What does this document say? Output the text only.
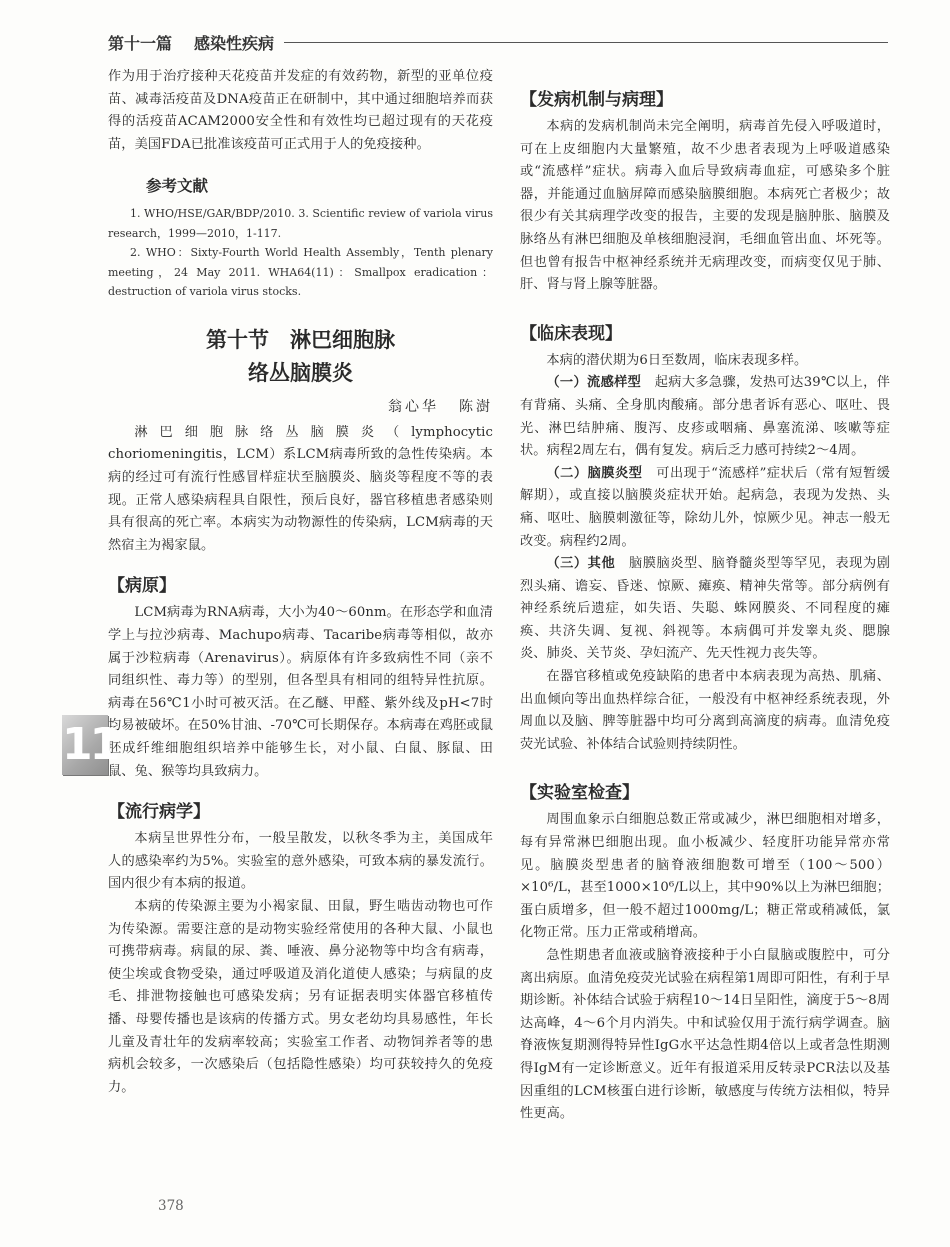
第十一篇 感染性疾病

作为用于治疗接种天花疫苗并发症的有效药物，新型的亚单位疫苗、减毒活疫苗及DNA疫苗正在研制中，其中通过细胞培养而获得的活疫苗ACAM2000安全性和有效性均已超过现有的天花疫苗，美国FDA已批准该疫苗可正式用于人的免疫接种。

参考文献

1. WHO/HSE/GAR/BDP/2010. 3. Scientific review of variola virus research，1999—2010，1-117.

2. WHO：Sixty-Fourth World Health Assembly，Tenth plenary meeting，24 May 2011. WHA64(11)：Smallpox eradication：destruction of variola virus stocks.

第十节　淋巴细胞脉
络丛脑膜炎
翁心华 陈澍

淋巴细胞脉络丛脑膜炎（lymphocytic choriomeningitis，LCM）系LCM病毒所致的急性传染病。本病的经过可有流行性感冒样症状至脑膜炎、脑炎等程度不等的表现。正常人感染病程具自限性，预后良好，器官移植患者感染则具有很高的死亡率。本病实为动物源性的传染病，LCM病毒的天然宿主为褐家鼠。

【病原】

LCM病毒为RNA病毒，大小为40～60nm。在形态学和血清学上与拉沙病毒、Machupo病毒、Tacaribe病毒等相似，故亦属于沙粒病毒（Arenavirus）。病原体有许多致病性不同（亲不同组织性、毒力等）的型别，但各型具有相同的组特异性抗原。病毒在56℃1小时可被灭活。在乙醚、甲醛、紫外线及pH<7时均易被破坏。在50%甘油、-70℃可长期保存。本病毒在鸡胚或鼠胚成纤维细胞组织培养中能够生长，对小鼠、白鼠、豚鼠、田鼠、兔、猴等均具致病力。

【流行病学】

本病呈世界性分布，一般呈散发，以秋冬季为主，美国成年人的感染率约为5%。实验室的意外感染，可致本病的暴发流行。国内很少有本病的报道。

本病的传染源主要为小褐家鼠、田鼠，野生啮齿动物也可作为传染源。需要注意的是动物实验经常使用的各种大鼠、小鼠也可携带病毒。病鼠的尿、粪、唾液、鼻分泌物等中均含有病毒，使尘埃或食物受染，通过呼吸道及消化道使人感染；与病鼠的皮毛、排泄物接触也可感染发病；另有证据表明实体器官移植传播、母婴传播也是该病的传播方式。男女老幼均具易感性，年长儿童及青壮年的发病率较高；实验室工作者、动物饲养者等的患病机会较多，一次感染后（包括隐性感染）均可获较持久的免疫力。

11
【发病机制与病理】

本病的发病机制尚未完全阐明，病毒首先侵入呼吸道时，可在上皮细胞内大量繁殖，故不少患者表现为上呼吸道感染或“流感样”症状。病毒入血后导致病毒血症，可感染多个脏器，并能通过血脑屏障而感染脑膜细胞。本病死亡者极少；故很少有关其病理学改变的报告，主要的发现是脑肿胀、脑膜及脉络丛有淋巴细胞及单核细胞浸润，毛细血管出血、坏死等。但也曾有报告中枢神经系统并无病理改变，而病变仅见于肺、肝、肾与肾上腺等脏器。

【临床表现】

本病的潜伏期为6日至数周，临床表现多样。

（一）流感样型　 起病大多急骤，发热可达39℃以上，伴有背痛、头痛、全身肌肉酸痛。部分患者诉有恶心、呕吐、畏光、淋巴结肿痛、腹泻、皮疹或咽痛、鼻塞流涕、咳嗽等症状。病程2周左右，偶有复发。病后乏力感可持续2～4周。

（二）脑膜炎型　 可出现于“流感样”症状后（常有短暂缓解期），或直接以脑膜炎症状开始。起病急，表现为发热、头痛、呕吐、脑膜刺激征等，除幼儿外，惊厥少见。神志一般无改变。病程约2周。

（三）其他　 脑膜脑炎型、脑脊髓炎型等罕见，表现为剧烈头痛、谵妄、昏迷、惊厥、瘫痪、精神失常等。部分病例有神经系统后遗症，如失语、失聪、蛛网膜炎、不同程度的瘫痪、共济失调、复视、斜视等。本病偶可并发睾丸炎、腮腺炎、肺炎、关节炎、孕妇流产、先天性视力丧失等。

在器官移植或免疫缺陷的患者中本病表现为高热、肌痛、出血倾向等出血热样综合征，一般没有中枢神经系统表现，外周血以及脑、脾等脏器中均可分离到高滴度的病毒。血清免疫荧光试验、补体结合试验则持续阴性。

【实验室检查】

周围血象示白细胞总数正常或减少，淋巴细胞相对增多，每有异常淋巴细胞出现。血小板减少、轻度肝功能异常亦常见。脑膜炎型患者的脑脊液细胞数可增至（100～500）×10⁶/L，甚至1000×10⁶/L以上，其中90%以上为淋巴细胞；蛋白质增多，但一般不超过1000mg/L；糖正常或稍减低，氯化物正常。压力正常或稍增高。

急性期患者血液或脑脊液接种于小白鼠脑或腹腔中，可分离出病原。血清免疫荧光试验在病程第1周即可阳性，有利于早期诊断。补体结合试验于病程10～14日呈阳性，滴度于5～8周达高峰，4～6个月内消失。中和试验仅用于流行病学调查。脑脊液恢复期测得特异性IgG水平达急性期4倍以上或者急性期测得IgM有一定诊断意义。近年有报道采用反转录PCR法以及基因重组的LCM核蛋白进行诊断，敏感度与传统方法相似，特异性更高。

378
